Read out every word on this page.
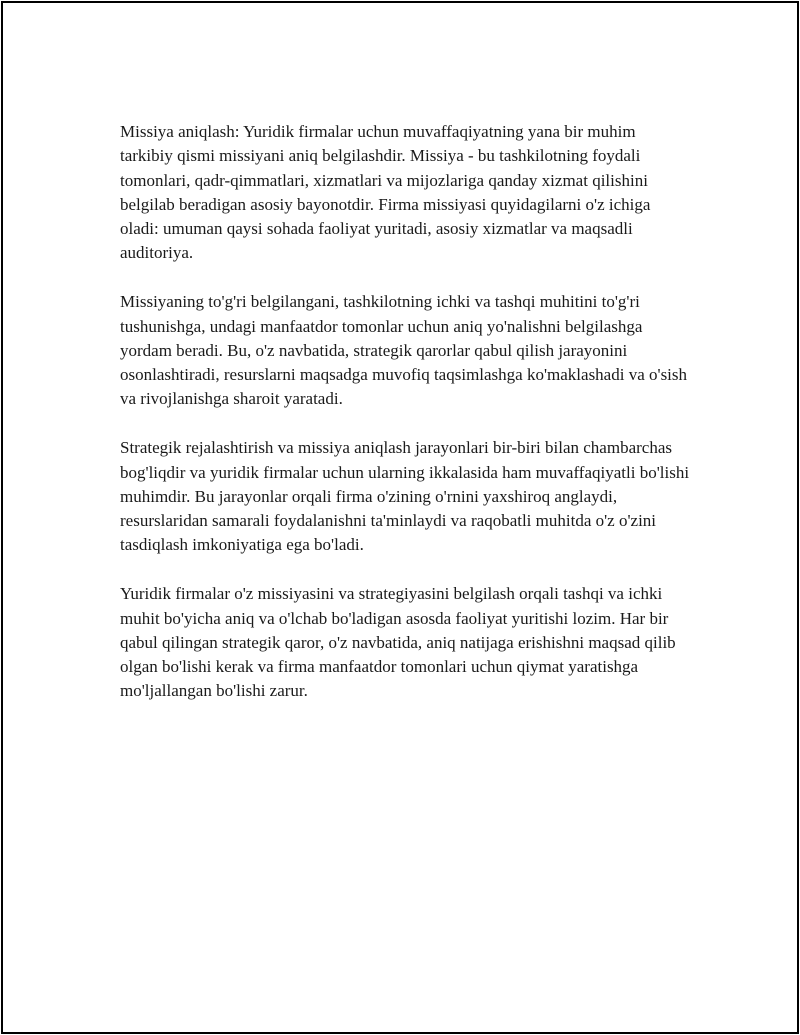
Missiya aniqlash: Yuridik firmalar uchun muvaffaqiyatning yana bir muhim tarkibiy qismi missiyani aniq belgilashdir. Missiya - bu tashkilotning foydali tomonlari, qadr-qimmatlari, xizmatlari va mijozlariga qanday xizmat qilishini belgilab beradigan asosiy bayonotdir. Firma missiyasi quyidagilarni o'z ichiga oladi: umuman qaysi sohada faoliyat yuritadi, asosiy xizmatlar va maqsadli auditoriya.

Missiyaning to'g'ri belgilangani, tashkilotning ichki va tashqi muhitini to'g'ri tushunishga, undagi manfaatdor tomonlar uchun aniq yo'nalishni belgilashga yordam beradi. Bu, o'z navbatida, strategik qarorlar qabul qilish jarayonini osonlashtiradi, resurslarni maqsadga muvofiq taqsimlashga ko'maklashadi va o'sish va rivojlanishga sharoit yaratadi.

Strategik rejalashtirish va missiya aniqlash jarayonlari bir-biri bilan chambarchas bog'liqdir va yuridik firmalar uchun ularning ikkalasida ham muvaffaqiyatli bo'lishi muhimdir. Bu jarayonlar orqali firma o'zining o'rnini yaxshiroq anglaydi, resurslaridan samarali foydalanishni ta'minlaydi va raqobatli muhitda o'z o'zini tasdiqlash imkoniyatiga ega bo'ladi.

Yuridik firmalar o'z missiyasini va strategiyasini belgilash orqali tashqi va ichki muhit bo'yicha aniq va o'lchab bo'ladigan asosda faoliyat yuritishi lozim. Har bir qabul qilingan strategik qaror, o'z navbatida, aniq natijaga erishishni maqsad qilib olgan bo'lishi kerak va firma manfaatdor tomonlari uchun qiymat yaratishga mo'ljallangan bo'lishi zarur.
